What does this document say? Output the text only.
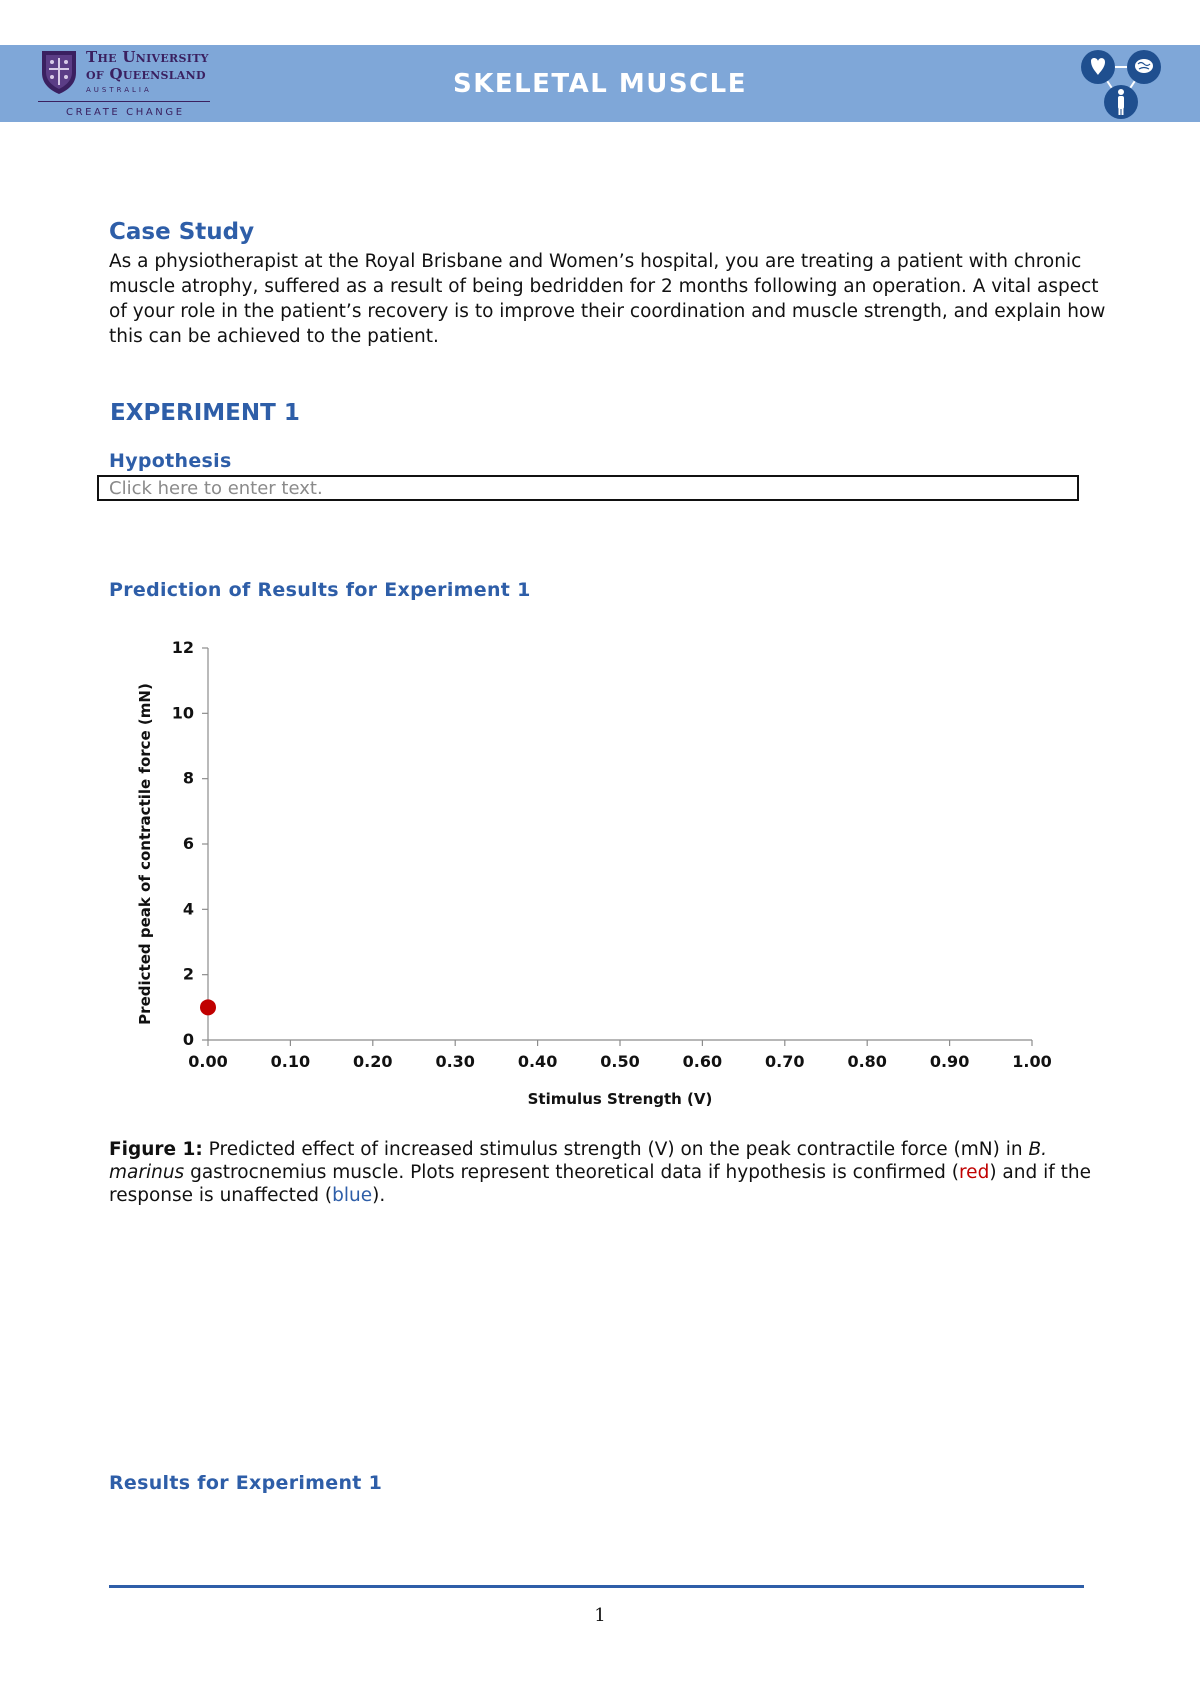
The University
of Queensland
AUSTRALIA
CREATE CHANGE
SKELETAL MUSCLE
Case Study
As a physiotherapist at the Royal Brisbane and Women’s hospital, you are treating a patient with chronic muscle atrophy, suffered as a result of being bedridden for 2 months following an operation. A vital aspect of your role in the patient’s recovery is to improve their coordination and muscle strength, and explain how this can be achieved to the patient.
EXPERIMENT 1
Hypothesis
Click here to enter text.
Prediction of Results for Experiment 1
0
2
4
6
8
10
12
0.00	0.10	0.20	0.30	0.40	0.50	0.60	0.70	0.80	0.90	1.00
Predicted peak of contractile force (mN)
Stimulus Strength (V)
Figure 1: Predicted effect of increased stimulus strength (V) on the peak contractile force (mN) in B. marinus gastrocnemius muscle. Plots represent theoretical data if hypothesis is confirmed (red) and if the response is unaffected (blue).
Results for Experiment 1
1
